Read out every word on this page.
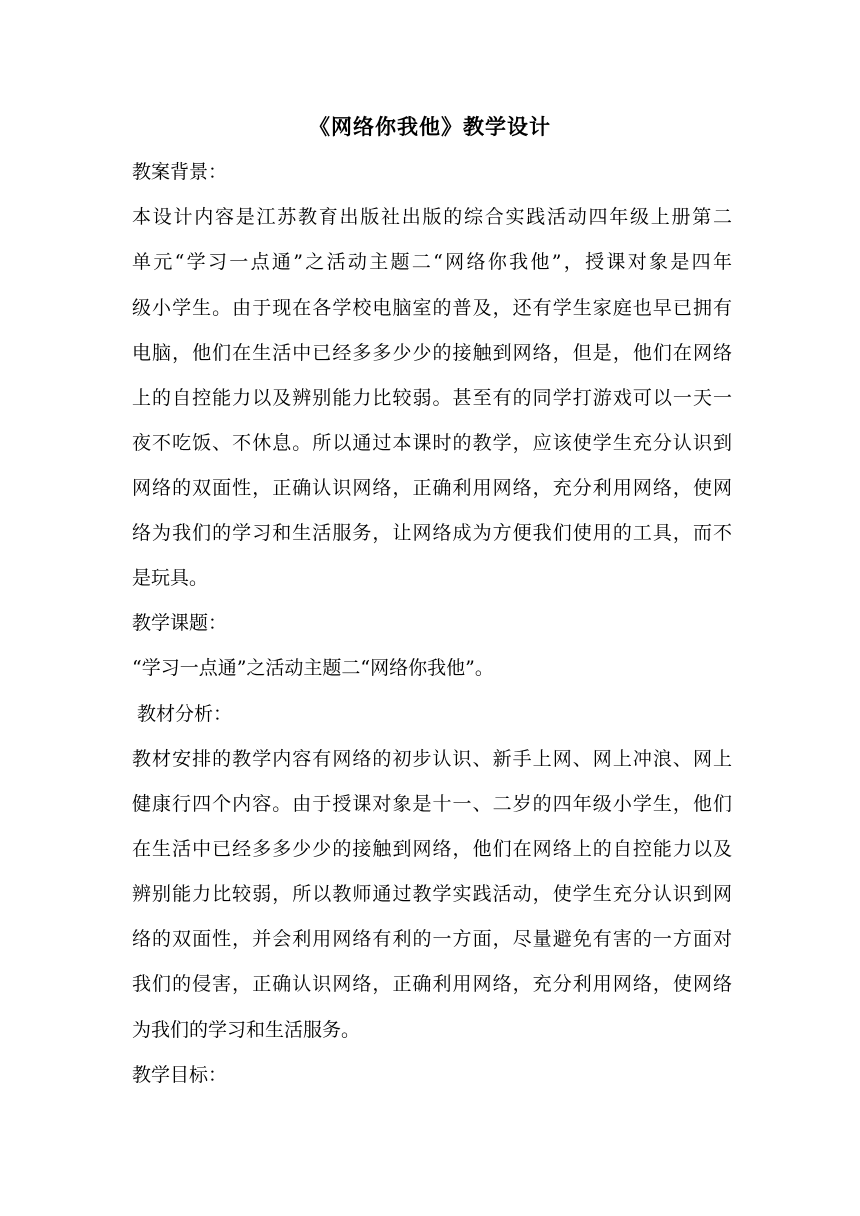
《网络你我他》教学设计
教案背景：
本设计内容是江苏教育出版社出版的综合实践活动四年级上册第二
单元“学习一点通”之活动主题二“网络你我他”，授课对象是四年
级小学生。由于现在各学校电脑室的普及，还有学生家庭也早已拥有
电脑，他们在生活中已经多多少少的接触到网络，但是，他们在网络
上的自控能力以及辨别能力比较弱。甚至有的同学打游戏可以一天一
夜不吃饭、不休息。所以通过本课时的教学，应该使学生充分认识到
网络的双面性，正确认识网络，正确利用网络，充分利用网络，使网
络为我们的学习和生活服务，让网络成为方便我们使用的工具，而不
是玩具。
教学课题：
“学习一点通”之活动主题二“网络你我他”。
教材分析：
教材安排的教学内容有网络的初步认识、新手上网、网上冲浪、网上
健康行四个内容。由于授课对象是十一、二岁的四年级小学生，他们
在生活中已经多多少少的接触到网络，他们在网络上的自控能力以及
辨别能力比较弱，所以教师通过教学实践活动，使学生充分认识到网
络的双面性，并会利用网络有利的一方面，尽量避免有害的一方面对
我们的侵害，正确认识网络，正确利用网络，充分利用网络，使网络
为我们的学习和生活服务。
教学目标：
